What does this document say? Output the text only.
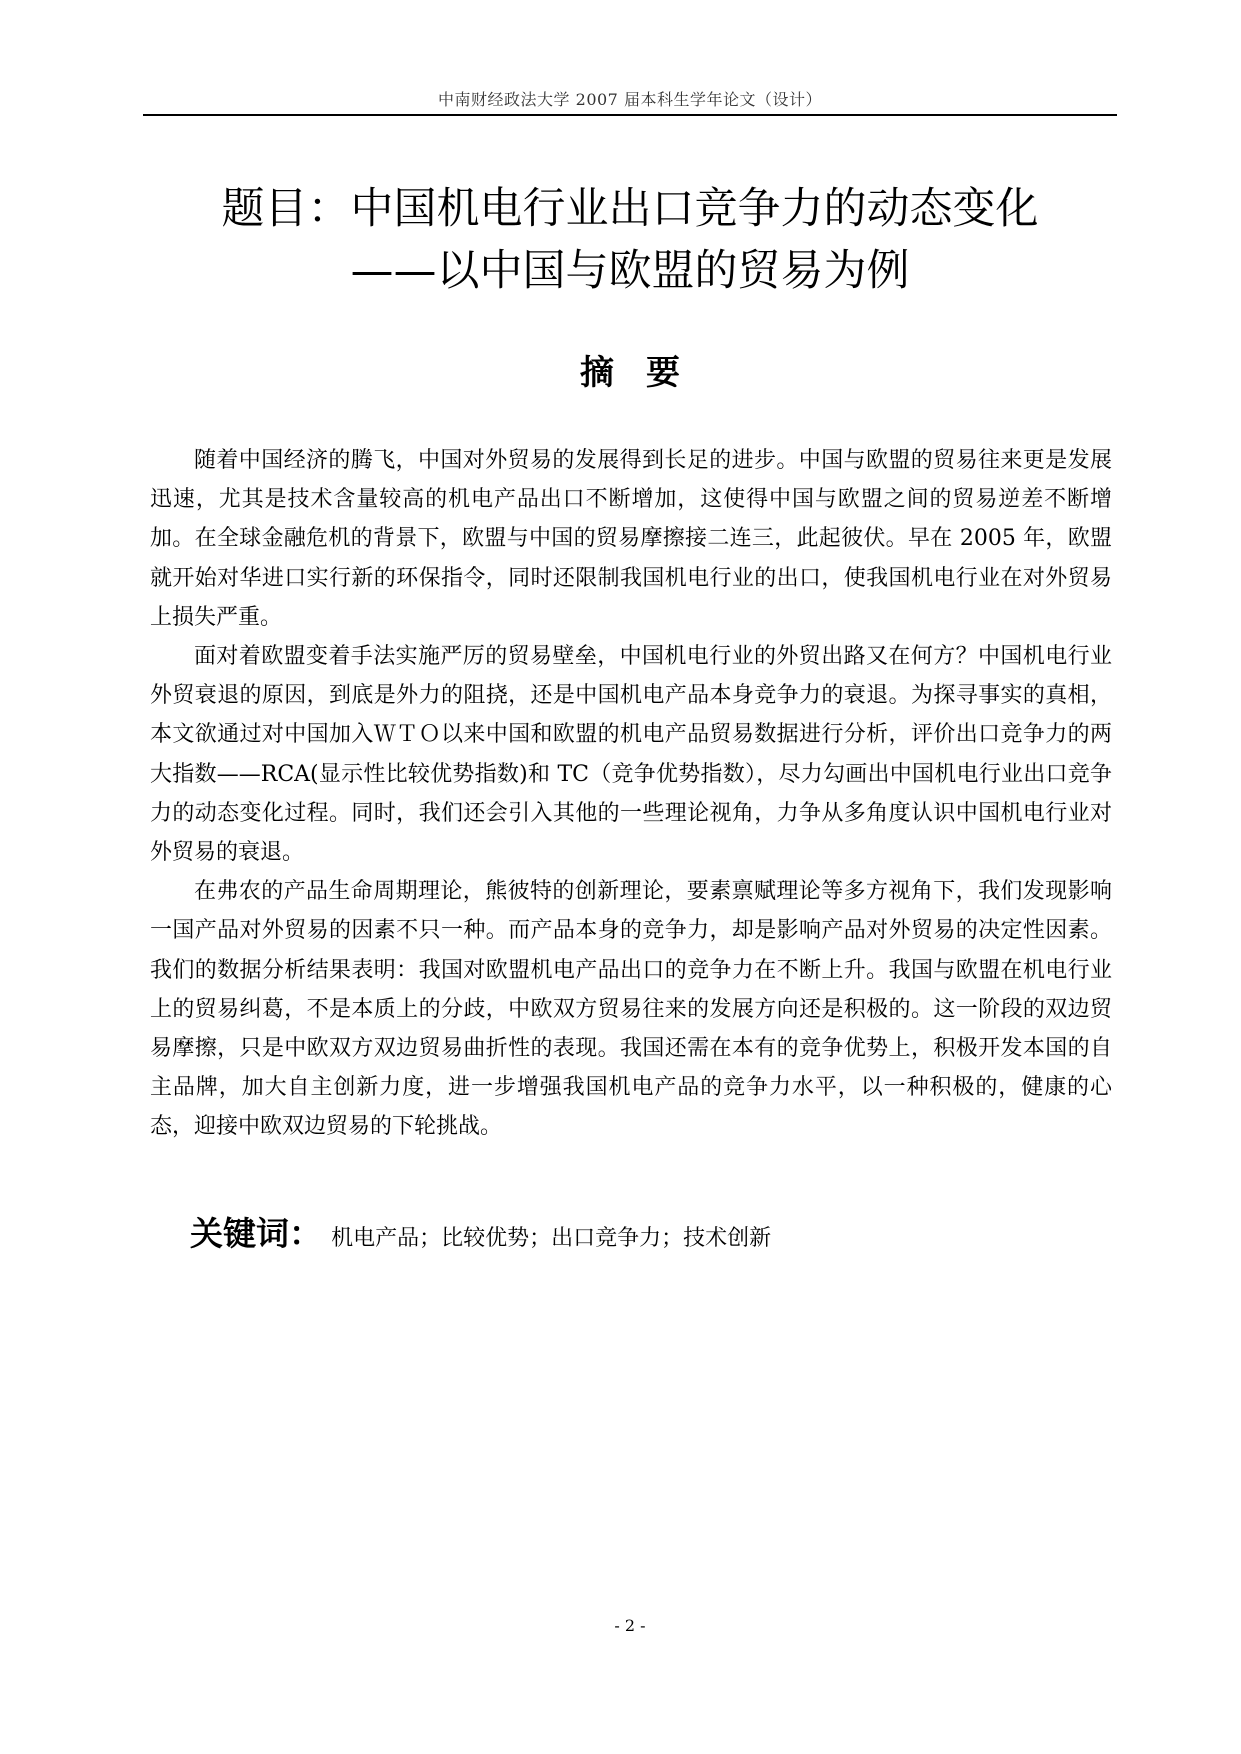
中南财经政法大学 2007 届本科生学年论文（设计）
题目：中国机电行业出口竞争力的动态变化
——以中国与欧盟的贸易为例
摘要

随着中国经济的腾飞，中国对外贸易的发展得到长足的进步。中国与欧盟的贸易往来更是发展迅速，尤其是技术含量较高的机电产品出口不断增加，这使得中国与欧盟之间的贸易逆差不断增加。在全球金融危机的背景下，欧盟与中国的贸易摩擦接二连三，此起彼伏。早在 2005 年，欧盟就开始对华进口实行新的环保指令，同时还限制我国机电行业的出口，使我国机电行业在对外贸易上损失严重。

面对着欧盟变着手法实施严厉的贸易壁垒，中国机电行业的外贸出路又在何方？中国机电行业外贸衰退的原因，到底是外力的阻挠，还是中国机电产品本身竞争力的衰退。为探寻事实的真相，本文欲通过对中国加入ＷＴＯ以来中国和欧盟的机电产品贸易数据进行分析，评价出口竞争力的两大指数——RCA(显示性比较优势指数)和 TC（竞争优势指数），尽力勾画出中国机电行业出口竞争力的动态变化过程。同时，我们还会引入其他的一些理论视角，力争从多角度认识中国机电行业对外贸易的衰退。

在弗农的产品生命周期理论，熊彼特的创新理论，要素禀赋理论等多方视角下，我们发现影响一国产品对外贸易的因素不只一种。而产品本身的竞争力，却是影响产品对外贸易的决定性因素。我们的数据分析结果表明：我国对欧盟机电产品出口的竞争力在不断上升。我国与欧盟在机电行业上的贸易纠葛，不是本质上的分歧，中欧双方贸易往来的发展方向还是积极的。这一阶段的双边贸易摩擦，只是中欧双方双边贸易曲折性的表现。我国还需在本有的竞争优势上，积极开发本国的自主品牌，加大自主创新力度，进一步增强我国机电产品的竞争力水平，以一种积极的，健康的心态，迎接中欧双边贸易的下轮挑战。

关键词： 机电产品；比较优势；出口竞争力；技术创新
- 2 -
